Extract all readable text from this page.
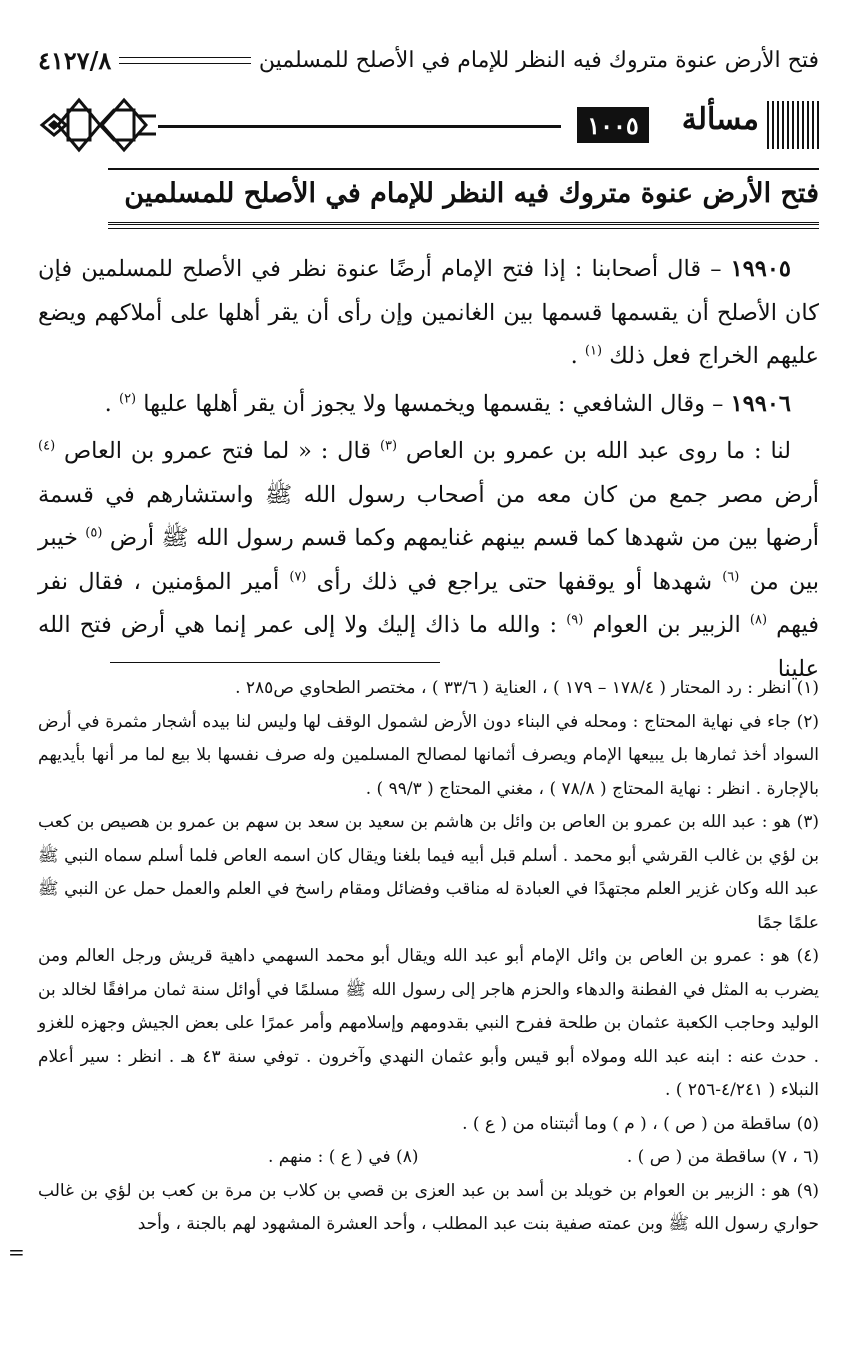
فتح الأرض عنوة متروك فيه النظر للإمام في الأصلح للمسلمين
٤١٢٧/٨
مسألة
١٠٠٥
فتح الأرض عنوة متروك فيه النظر للإمام في الأصلح للمسلمين

١٩٩٠٥ – قال أصحابنا : إذا فتح الإمام أرضًا عنوة نظر في الأصلح للمسلمين فإن كان الأصلح أن يقسمها قسمها بين الغانمين وإن رأى أن يقر أهلها على أملاكهم ويضع عليهم الخراج فعل ذلك $^{(١)}$ .

١٩٩٠٦ – وقال الشافعي : يقسمها ويخمسها ولا يجوز أن يقر أهلها عليها $^{(٢)}$ .

لنا : ما روى عبد الله بن عمرو بن العاص $^{(٣)}$ قال : « لما فتح عمرو بن العاص $^{(٤)}$ أرض مصر جمع من كان معه من أصحاب رسول الله ﷺ واستشارهم في قسمة أرضها بين من شهدها كما قسم بينهم غنايمهم وكما قسم رسول الله ﷺ أرض $^{(٥)}$ خيبر بين من $^{(٦)}$ شهدها أو يوقفها حتى يراجع في ذلك رأى $^{(٧)}$ أمير المؤمنين ، فقال نفر فيهم $^{(٨)}$ الزبير بن العوام $^{(٩)}$ : والله ما ذاك إليك ولا إلى عمر إنما هي أرض فتح الله علينا

(١) انظر : رد المحتار ( ١٧٨/٤ – ١٧٩ ) ، العناية ( ٣٣/٦ ) ، مختصر الطحاوي ص٢٨٥ .

(٢) جاء في نهاية المحتاج : ومحله في البناء دون الأرض لشمول الوقف لها وليس لنا بيده أشجار مثمرة في أرض السواد أخذ ثمارها بل يبيعها الإمام ويصرف أثمانها لمصالح المسلمين وله صرف نفسها بلا بيع لما مر أنها بأيديهم بالإجارة . انظر : نهاية المحتاج ( ٧٨/٨ ) ، مغني المحتاج ( ٩٩/٣ ) .

(٣) هو : عبد الله بن عمرو بن العاص بن وائل بن هاشم بن سعيد بن سعد بن سهم بن عمرو بن هصيص بن كعب بن لؤي بن غالب القرشي أبو محمد . أسلم قبل أبيه فيما بلغنا ويقال كان اسمه العاص فلما أسلم سماه النبي ﷺ عبد الله وكان غزير العلم مجتهدًا في العبادة له مناقب وفضائل ومقام راسخ في العلم والعمل حمل عن النبي ﷺ علمًا جمًا

(٤) هو : عمرو بن العاص بن وائل الإمام أبو عبد الله ويقال أبو محمد السهمي داهية قريش ورجل العالم ومن يضرب به المثل في الفطنة والدهاء والحزم هاجر إلى رسول الله ﷺ مسلمًا في أوائل سنة ثمان مرافقًا لخالد بن الوليد وحاجب الكعبة عثمان بن طلحة ففرح النبي بقدومهم وإسلامهم وأمر عمرًا على بعض الجيش وجهزه للغزو . حدث عنه : ابنه عبد الله ومولاه أبو قيس وأبو عثمان النهدي وآخرون . توفي سنة ٤٣ هـ . انظر : سير أعلام النبلاء ( ٤/٢٤١-٢٥٦ ) .

(٥) ساقطة من ( ص ) ، ( م ) وما أثبتناه من ( ع ) .

(٦ ، ٧) ساقطة من ( ص ) .
(٨) في ( ع ) : منهم .

(٩) هو : الزبير بن العوام بن خويلد بن أسد بن عبد العزى بن قصي بن كلاب بن مرة بن كعب بن لؤي بن غالب حواري رسول الله ﷺ وبن عمته صفية بنت عبد المطلب ، وأحد العشرة المشهود لهم بالجنة ، وأحد

=
